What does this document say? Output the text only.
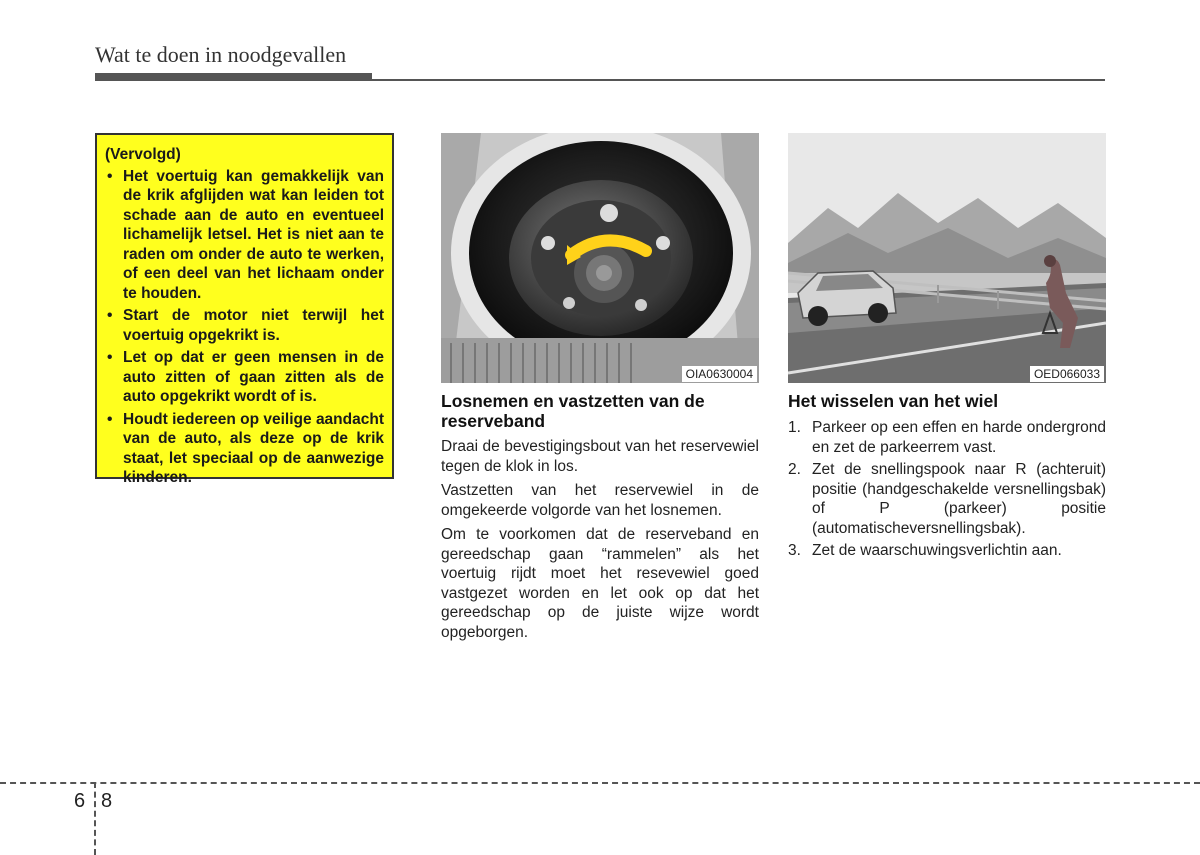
Wat te doen in noodgevallen
(Vervolgd)
• Het voertuig kan gemakkelijk van de krik afglijden wat kan leiden tot schade aan de auto en eventueel lichamelijk letsel. Het is niet aan te raden om onder de auto te werken, of een deel van het lichaam onder te houden.
• Start de motor niet terwijl het voertuig opgekrikt is.
• Let op dat er geen mensen in de auto zitten of gaan zitten als de auto opgekrikt wordt of is.
• Houdt iedereen op veilige aandacht van de auto, als deze op de krik staat, let speciaal op de aanwezige kinderen.
OIA0630004	OED066033
Losnemen en vastzetten van de reserveband

Draai de bevestigingsbout van het reservewiel tegen de klok in los.

Vastzetten van het reservewiel in de omgekeerde volgorde van het losnemen.

Om te voorkomen dat de reserveband en gereedschap gaan “rammelen” als het voertuig rijdt moet het resevewiel goed vastgezet worden en let ook op dat het gereedschap op de juiste wijze wordt opgeborgen.

Het wisselen van het wiel
1. Parkeer op een effen en harde ondergrond en zet de parkeerrem vast.
2. Zet de snellingspook naar R (achteruit) positie (handgeschakelde versnellingsbak) of P (parkeer) positie (automatischeversnellingsbak).
3. Zet de waarschuwingsverlichtin aan.
6 8
